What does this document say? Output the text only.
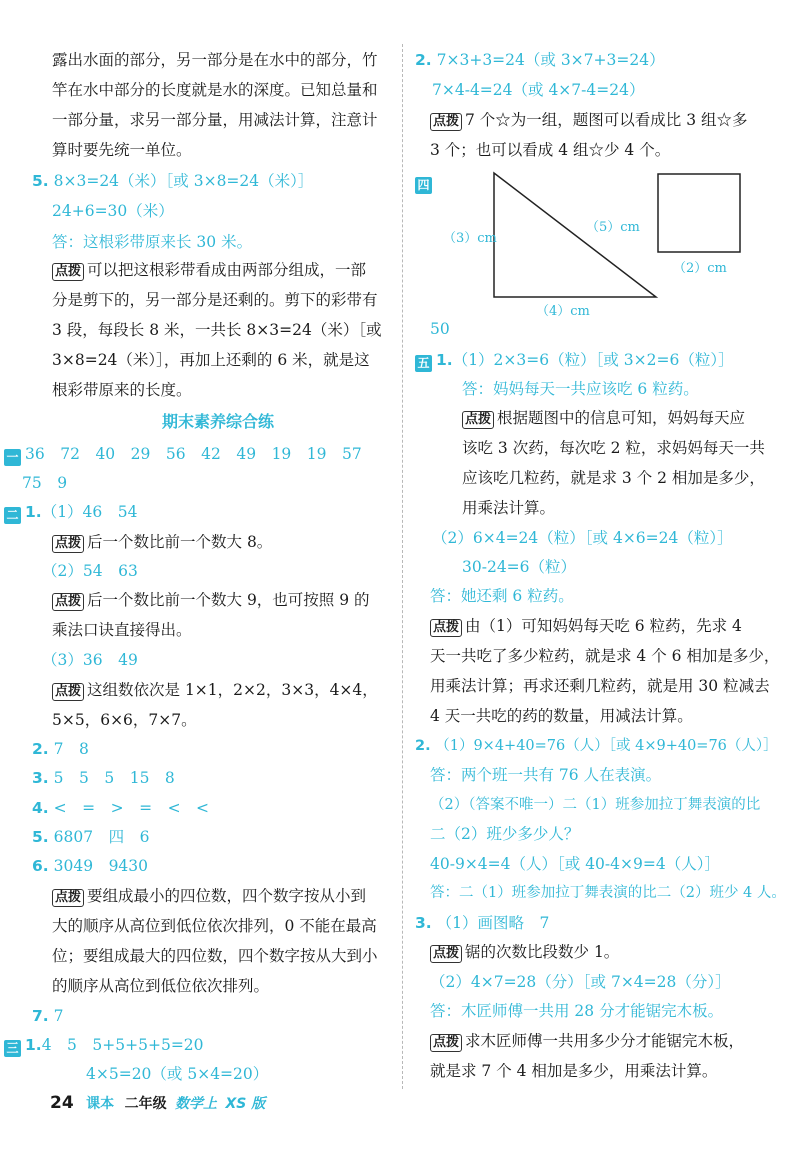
露出水面的部分，另一部分是在水中的部分，竹
竿在水中部分的长度就是水的深度。已知总量和
一部分量，求另一部分量，用减法计算，注意计
算时要先统一单位。
5. 8×3=24（米）［或 3×8=24（米）］
24+6=30（米）
答：这根彩带原来长 30 米。
点拨 可以把这根彩带看成由两部分组成，一部
分是剪下的，另一部分是还剩的。剪下的彩带有
3 段，每段长 8 米，一共长 8×3=24（米）［或
3×8=24（米）］，再加上还剩的 6 米，就是这
根彩带原来的长度。
期末素养综合练
一 36　72　40　29　56　42　49　19　19　57
75　9
二 1.（1）46　54
点拨 后一个数比前一个数大 8。
（2）54　63
点拨 后一个数比前一个数大 9，也可按照 9 的
乘法口诀直接得出。
（3）36　49
点拨 这组数依次是 1×1，2×2，3×3，4×4，
5×5，6×6，7×7。
2. 7　8
3. 5　5　5　15　8
4. <　=　>　=　<　<
5. 6807　四　6
6. 3049　9430
点拨 要组成最小的四位数，四个数字按从小到
大的顺序从高位到低位依次排列，0 不能在最高
位；要组成最大的四位数，四个数字按从大到小
的顺序从高位到低位依次排列。
7. 7
三 1.4　5　5+5+5+5=20
4×5=20（或 5×4=20）
2. 7×3+3=24（或 3×7+3=24）
7×4-4=24（或 4×7-4=24）
点拨 7 个☆为一组，题图可以看成比 3 组☆多
3 个；也可以看成 4 组☆少 4 个。
四
（3）cm
（5）cm
（4）cm
（2）cm
50
五 1.（1）2×3=6（粒）［或 3×2=6（粒）］
答：妈妈每天一共应该吃 6 粒药。
点拨 根据题图中的信息可知，妈妈每天应
该吃 3 次药，每次吃 2 粒，求妈妈每天一共
应该吃几粒药，就是求 3 个 2 相加是多少，
用乘法计算。
（2）6×4=24（粒）［或 4×6=24（粒）］
30-24=6（粒）
答：她还剩 6 粒药。
点拨 由（1）可知妈妈每天吃 6 粒药，先求 4
天一共吃了多少粒药，就是求 4 个 6 相加是多少，
用乘法计算；再求还剩几粒药，就是用 30 粒减去
4 天一共吃的药的数量，用减法计算。
2. （1）9×4+40=76（人）［或 4×9+40=76（人）］
答：两个班一共有 76 人在表演。
（2）（答案不唯一）二（1）班参加拉丁舞表演的比
二（2）班少多少人？
40-9×4=4（人）［或 40-4×9=4（人）］
答：二（1）班参加拉丁舞表演的比二（2）班少 4 人。
3. （1）画图略　7
点拨 锯的次数比段数少 1。
（2）4×7=28（分）［或 7×4=28（分）］
答：木匠师傅一共用 28 分才能锯完木板。
点拨 求木匠师傅一共用多少分才能锯完木板，
就是求 7 个 4 相加是多少，用乘法计算。
24 课本 二年级 数学上 XS 版
